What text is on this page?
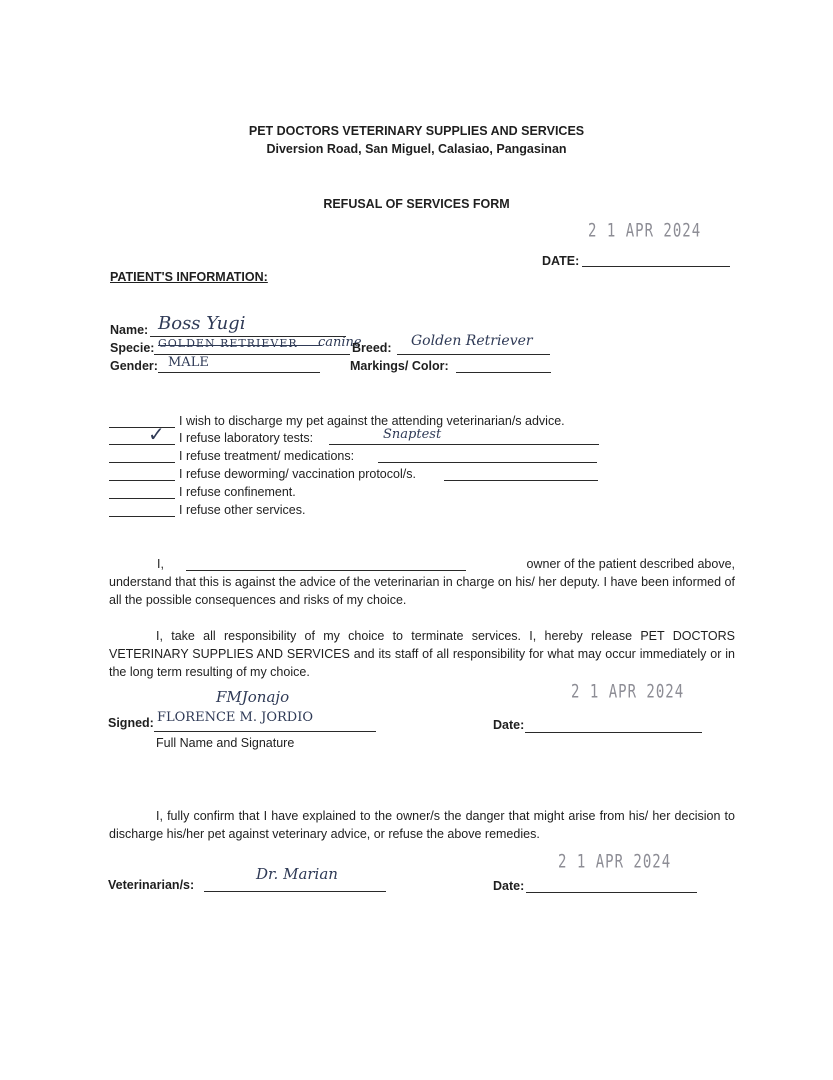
PET DOCTORS VETERINARY SUPPLIES AND SERVICES
Diversion Road, San Miguel, Calasiao, Pangasinan
REFUSAL OF SERVICES FORM
2 1 APR 2024
DATE:
PATIENT'S INFORMATION:
Name: Boss Yugi
Specie: GOLDEN RETRIEVER canine
Breed: Golden Retriever
Gender: MALE	Markings/ Color:
I wish to discharge my pet against the attending veterinarian/s advice.
✓ I refuse laboratory tests:	Snaptest
I refuse treatment/ medications:
I refuse deworming/ vaccination protocol/s.
I refuse confinement.
I refuse other services.
I,	owner of the patient described above,
understand that this is against the advice of the veterinarian in charge on his/ her deputy. I have been informed of all the possible consequences and risks of my choice.
I, take all responsibility of my choice to terminate services. I, hereby release PET DOCTORS VETERINARY SUPPLIES AND SERVICES and its staff of all responsibility for what may occur immediately or in the long term resulting of my choice.
FMJonajo
Signed: FLORENCE M. JORDIO
Full Name and Signature
2 1 APR 2024
Date:
I, fully confirm that I have explained to the owner/s the danger that might arise from his/ her decision to discharge his/her pet against veterinary advice, or refuse the above remedies.
Dr. Marian
Veterinarian/s:
2 1 APR 2024
Date:
